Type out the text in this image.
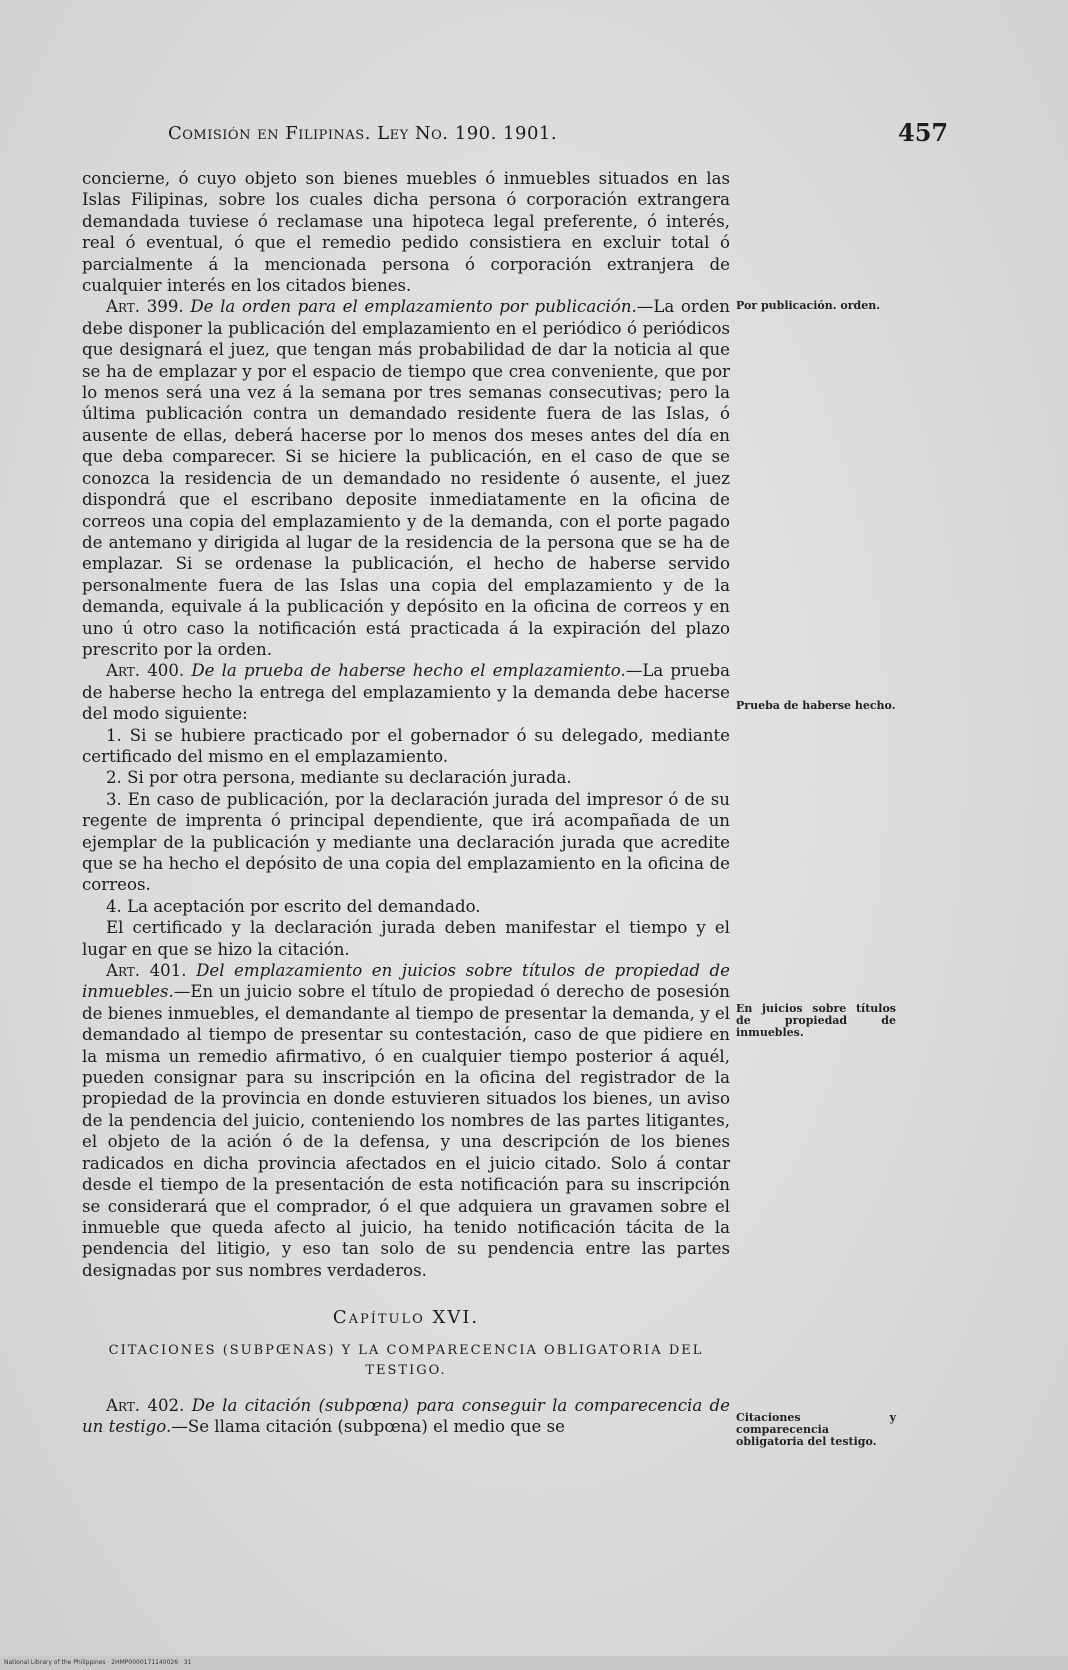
Comisión en Filipinas. Ley No. 190. 1901.	457

concierne, ó cuyo objeto son bienes muebles ó inmuebles situados en las Islas Filipinas, sobre los cuales dicha persona ó corporación extrangera demandada tuviese ó reclamase una hipoteca legal preferente, ó interés, real ó eventual, ó que el remedio pedido consistiera en excluir total ó parcialmente á la mencionada persona ó corporación extranjera de cualquier interés en los citados bienes.

Art. 399. De la orden para el emplazamiento por publicación.—La orden debe disponer la publicación del emplazamiento en el periódico ó periódicos que designará el juez, que tengan más probabilidad de dar la noticia al que se ha de emplazar y por el espacio de tiempo que crea conveniente, que por lo menos será una vez á la semana por tres semanas consecutivas; pero la última publicación contra un demandado residente fuera de las Islas, ó ausente de ellas, deberá hacerse por lo menos dos meses antes del día en que deba comparecer. Si se hiciere la publicación, en el caso de que se conozca la residencia de un demandado no residente ó ausente, el juez dispondrá que el escribano deposite inmediatamente en la oficina de correos una copia del emplazamiento y de la demanda, con el porte pagado de antemano y dirigida al lugar de la residencia de la persona que se ha de emplazar. Si se ordenase la publicación, el hecho de haberse servido personalmente fuera de las Islas una copia del emplazamiento y de la demanda, equivale á la publicación y depósito en la oficina de correos y en uno ú otro caso la notificación está practicada á la expiración del plazo prescrito por la orden.

Art. 400. De la prueba de haberse hecho el emplazamiento.—La prueba de haberse hecho la entrega del emplazamiento y la demanda debe hacerse del modo siguiente:

1. Si se hubiere practicado por el gobernador ó su delegado, mediante certificado del mismo en el emplazamiento.

2. Si por otra persona, mediante su declaración jurada.

3. En caso de publicación, por la declaración jurada del impresor ó de su regente de imprenta ó principal dependiente, que irá acompañada de un ejemplar de la publicación y mediante una declaración jurada que acredite que se ha hecho el depósito de una copia del emplazamiento en la oficina de correos.

4. La aceptación por escrito del demandado.

El certificado y la declaración jurada deben manifestar el tiempo y el lugar en que se hizo la citación.

Art. 401. Del emplazamiento en juicios sobre títulos de propiedad de inmuebles.—En un juicio sobre el título de propiedad ó derecho de posesión de bienes inmuebles, el demandante al tiempo de presentar la demanda, y el demandado al tiempo de presentar su contestación, caso de que pidiere en la misma un remedio afirmativo, ó en cualquier tiempo posterior á aquél, pueden consignar para su inscripción en la oficina del registrador de la propiedad de la provincia en donde estuvieren situados los bienes, un aviso de la pendencia del juicio, conteniendo los nombres de las partes litigantes, el objeto de la ación ó de la defensa, y una descripción de los bienes radicados en dicha provincia afectados en el juicio citado. Solo á contar desde el tiempo de la presentación de esta notificación para su inscripción se considerará que el comprador, ó el que adquiera un gravamen sobre el inmueble que queda afecto al juicio, ha tenido notificación tácita de la pendencia del litigio, y eso tan solo de su pendencia entre las partes designadas por sus nombres verdaderos.

Capítulo XVI.
CITACIONES (SUBPŒNAS) Y LA COMPARECENCIA OBLIGATORIA DEL TESTIGO.

Art. 402. De la citación (subpœna) para conseguir la comparecencia de un testigo.—Se llama citación (subpœna) el medio que se

Por publicación. orden.
Prueba de haberse hecho.
En juicios sobre títulos de propiedad de inmuebles.
Citaciones y comparecencia obligatoria del testigo.
National Library of the Philippines · 2HMP0000171140026 · 31
